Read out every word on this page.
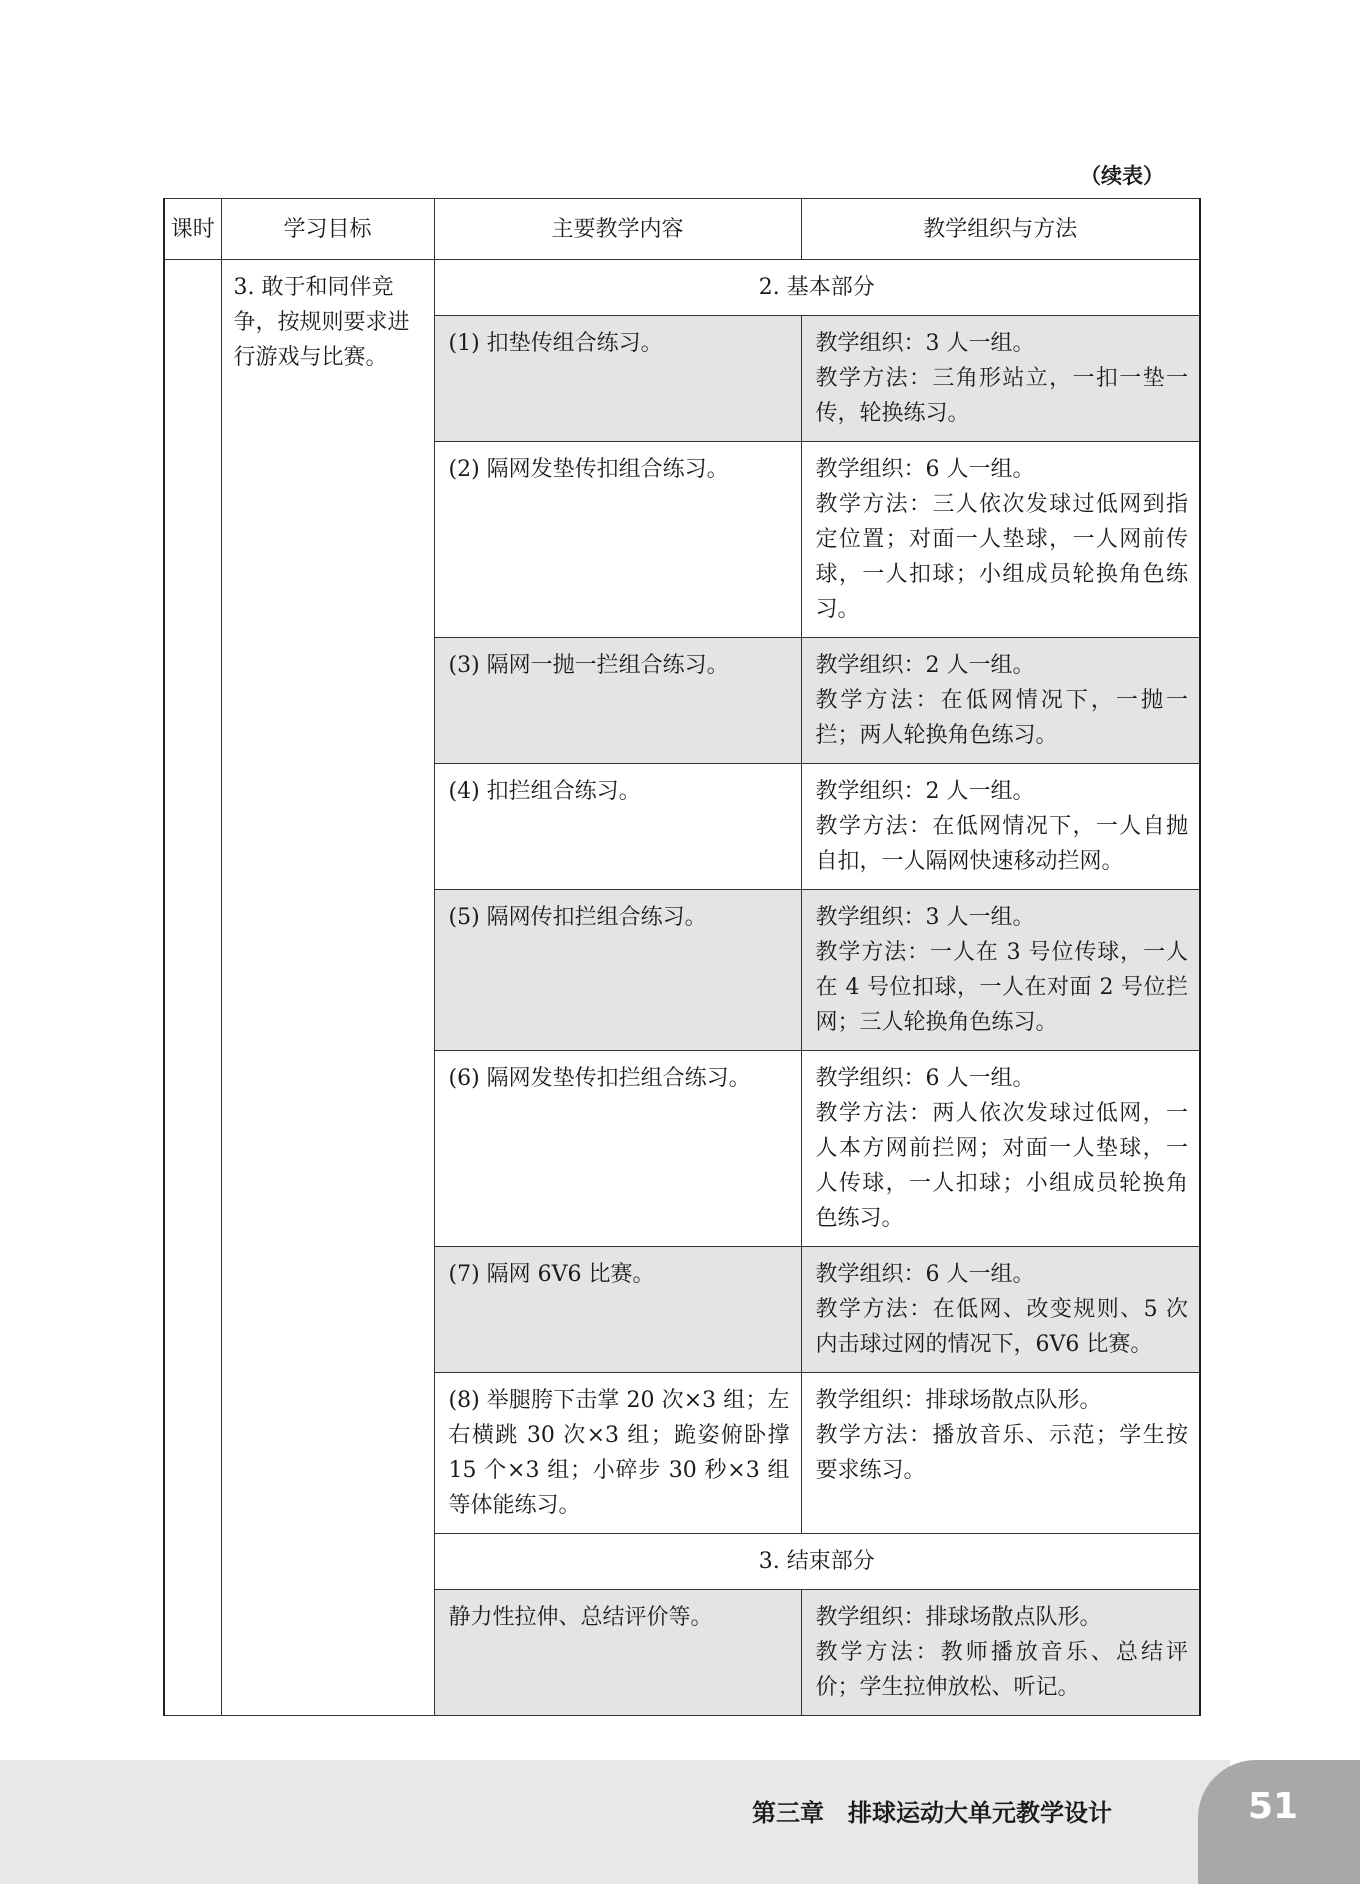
（续表）
课时	学习目标	主要教学内容	教学组织与方法
	3. 敢于和同伴竞争，按规则要求进行游戏与比赛。	2. 基本部分	
		(1) 扣垫传组合练习。	教学组织：3 人一组。
教学方法：三角形站立，一扣一垫一传，轮换练习。

		(2) 隔网发垫传扣组合练习。	教学组织：6 人一组。
教学方法：三人依次发球过低网到指定位置；对面一人垫球，一人网前传球，一人扣球；小组成员轮换角色练习。

		(3) 隔网一抛一拦组合练习。	教学组织：2 人一组。
教学方法：在低网情况下，一抛一拦；两人轮换角色练习。

		(4) 扣拦组合练习。	教学组织：2 人一组。
教学方法：在低网情况下，一人自抛自扣，一人隔网快速移动拦网。

		(5) 隔网传扣拦组合练习。	教学组织：3 人一组。
教学方法：一人在 3 号位传球，一人在 4 号位扣球，一人在对面 2 号位拦网；三人轮换角色练习。

		(6) 隔网发垫传扣拦组合练习。	教学组织：6 人一组。
教学方法：两人依次发球过低网，一人本方网前拦网；对面一人垫球，一人传球，一人扣球；小组成员轮换角色练习。

		(7) 隔网 6V6 比赛。	教学组织：6 人一组。
教学方法：在低网、改变规则、5 次内击球过网的情况下，6V6 比赛。

		(8) 举腿胯下击掌 20 次×3 组；左右横跳 30 次×3 组；跪姿俯卧撑 15 个×3 组；小碎步 30 秒×3 组等体能练习。	教学组织：排球场散点队形。
教学方法：播放音乐、示范；学生按要求练习。

		3. 结束部分	
		静力性拉伸、总结评价等。	教学组织：排球场散点队形。
教学方法：教师播放音乐、总结评价；学生拉伸放松、听记。
第三章　排球运动大单元教学设计	51
